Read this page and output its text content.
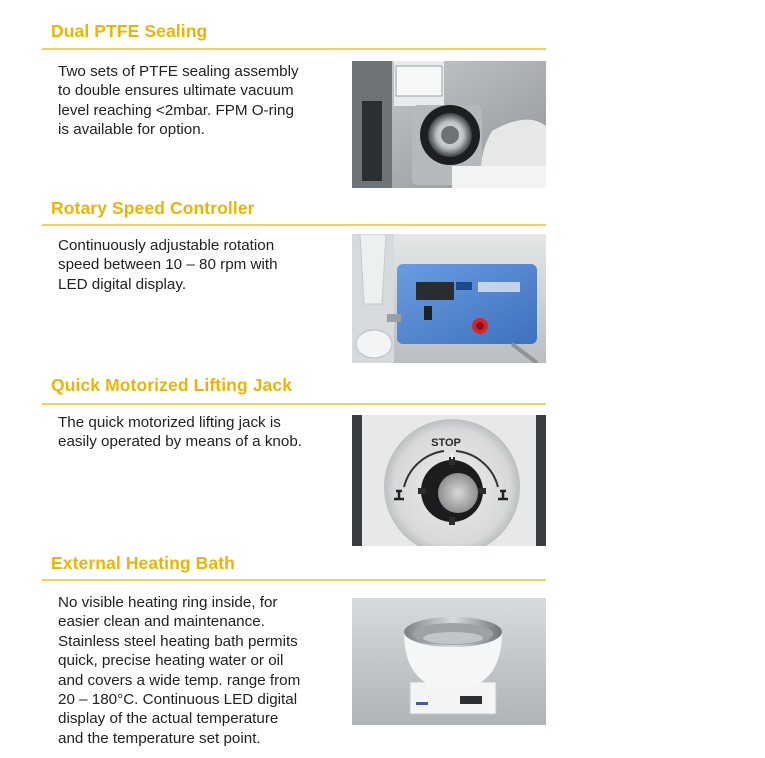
Dual PTFE Sealing
Two sets of PTFE sealing assembly
to double ensures ultimate vacuum
level reaching <2mbar. FPM O-ring
is available for option.
Rotary Speed Controller
Continuously adjustable rotation
speed between 10 – 80 rpm with
LED digital display.
Quick Motorized Lifting Jack
The quick motorized lifting jack is
easily operated by means of a knob.	STOP
External Heating Bath
No visible heating ring inside, for
easier clean and maintenance.
Stainless steel heating bath permits
quick, precise heating water or oil
and covers a wide temp. range from
20 – 180°C. Continuous LED digital
display of the actual temperature
and the temperature set point.
